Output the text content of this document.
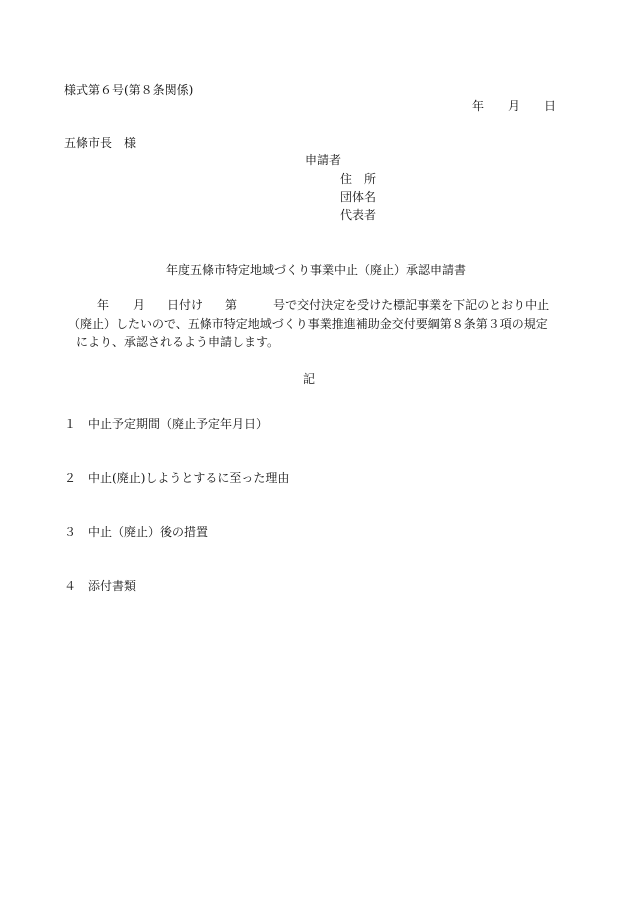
様式第６号(第８条関係)
年 月 日
五條市長　様
申請者
住　所
団体名
代表者
年度五條市特定地域づくり事業中止（廃止）承認申請書
年 月 日付け 第	号で交付決定を受けた標記事業を下記のとおり中止
（廃止）したいので、五條市特定地域づくり事業推進補助金交付要綱第８条第３項の規定
により、承認されるよう申請します。
記
１ 中止予定期間（廃止予定年月日）
２ 中止(廃止)しようとするに至った理由
３ 中止（廃止）後の措置
４ 添付書類
